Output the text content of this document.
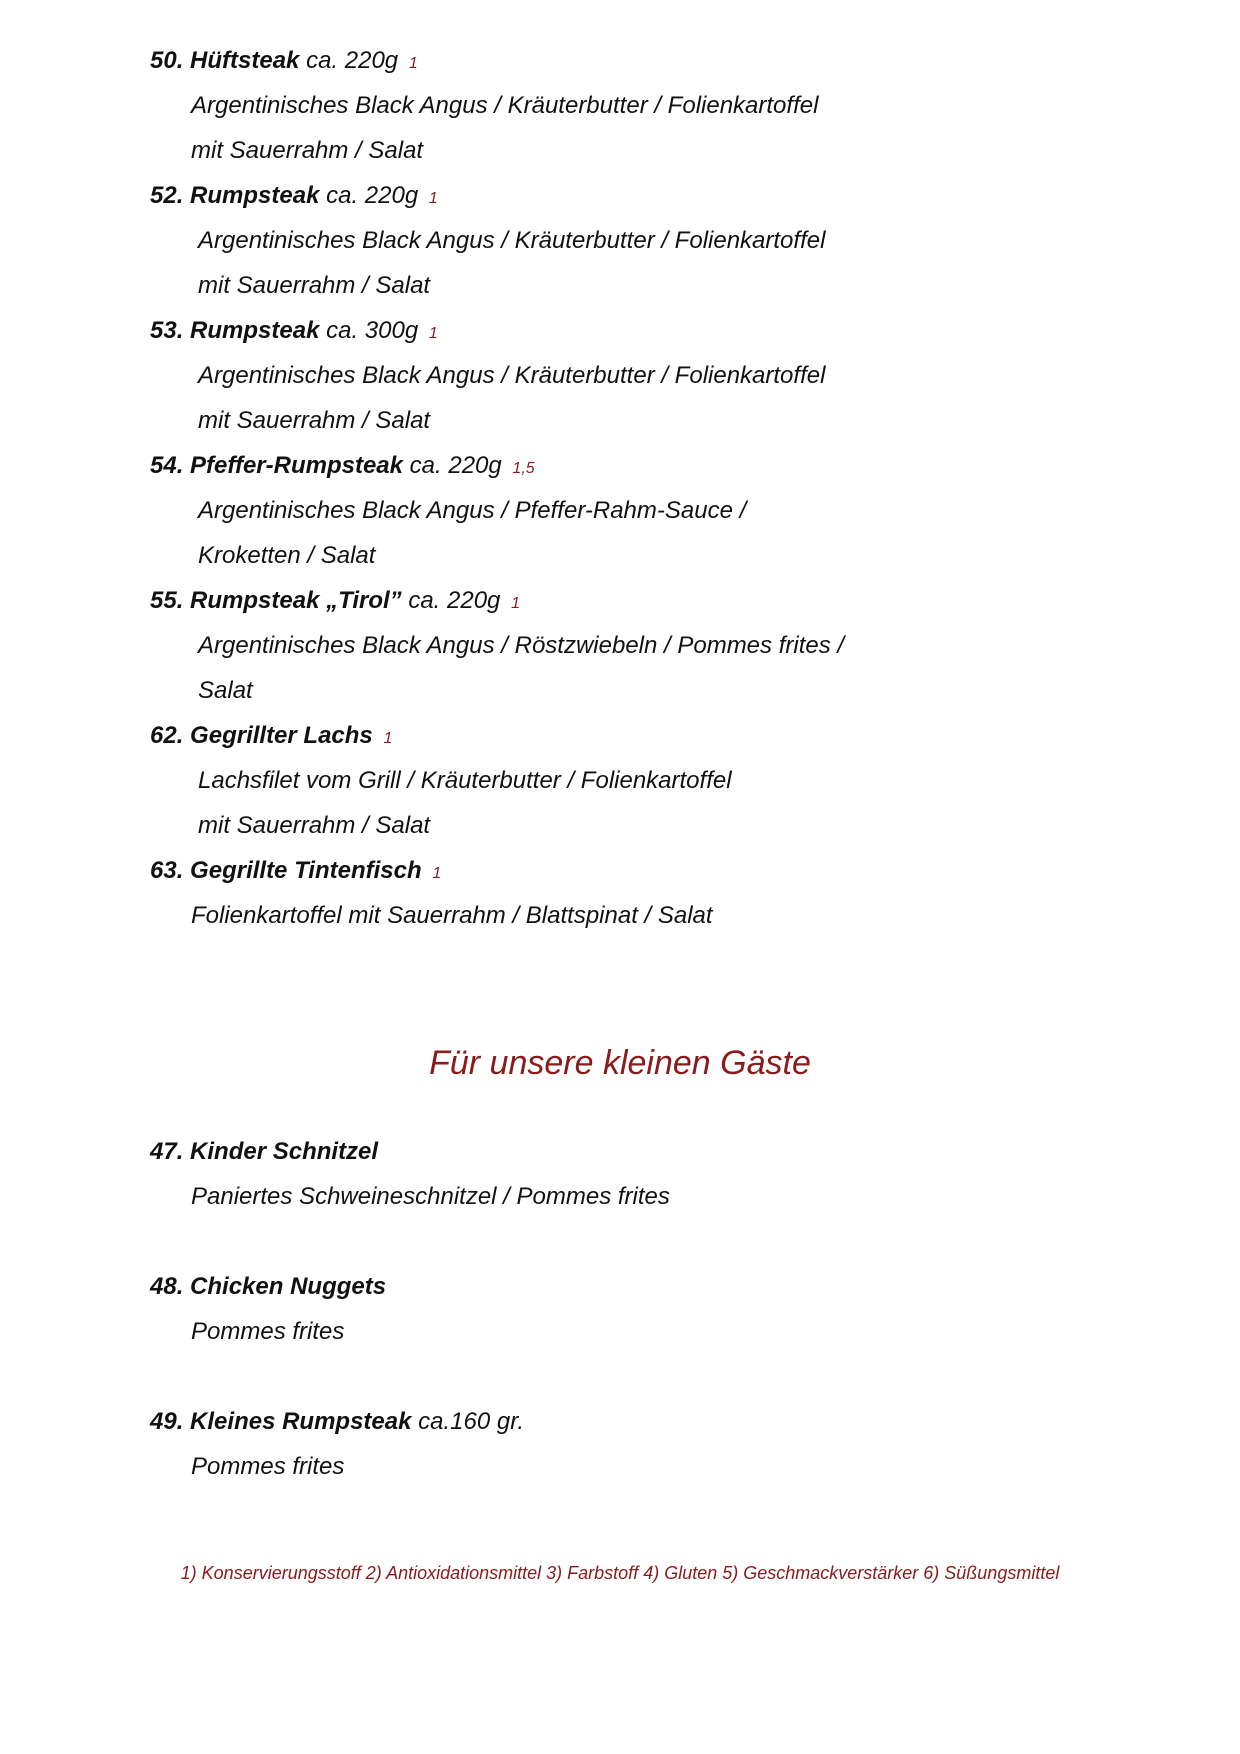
50. Hüftsteak ca. 220g 1
Argentinisches Black Angus / Kräuterbutter / Folienkartoffel
mit Sauerrahm / Salat
52. Rumpsteak ca. 220g 1
Argentinisches Black Angus / Kräuterbutter / Folienkartoffel
mit Sauerrahm / Salat
53. Rumpsteak ca. 300g 1
Argentinisches Black Angus / Kräuterbutter / Folienkartoffel
mit Sauerrahm / Salat
54. Pfeffer-Rumpsteak ca. 220g 1,5
Argentinisches Black Angus / Pfeffer-Rahm-Sauce /
Kroketten / Salat
55. Rumpsteak „Tirol” ca. 220g 1
Argentinisches Black Angus / Röstzwiebeln / Pommes frites /
Salat
62. Gegrillter Lachs 1
Lachsfilet vom Grill / Kräuterbutter / Folienkartoffel
mit Sauerrahm / Salat
63. Gegrillte Tintenfisch 1
Folienkartoffel mit Sauerrahm / Blattspinat / Salat
Für unsere kleinen Gäste
47. Kinder Schnitzel
Paniertes Schweineschnitzel / Pommes frites
48. Chicken Nuggets
Pommes frites
49. Kleines Rumpsteak ca.160 gr.
Pommes frites
1) Konservierungsstoff 2) Antioxidationsmittel 3) Farbstoff 4) Gluten 5) Geschmackverstärker 6) Süßungsmittel
